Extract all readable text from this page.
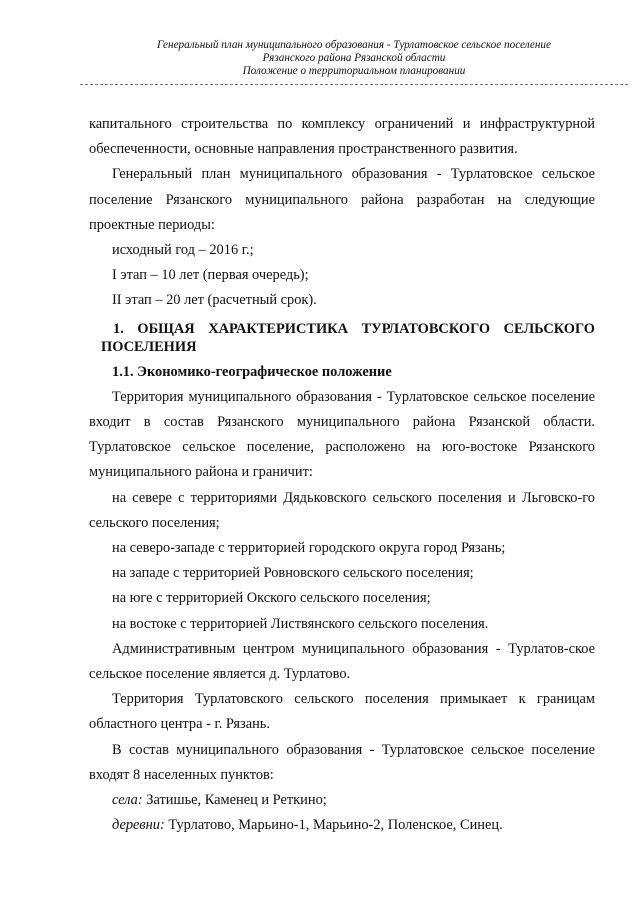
Генеральный план муниципального образования - Турлатовское сельское поселение
Рязанского района Рязанской области
Положение о территориальном планировании

капитального строительства по комплексу ограничений и инфраструктурной обеспеченности, основные направления пространственного развития.

Генеральный план муниципального образования - Турлатовское сельское поселение Рязанского муниципального района разработан на следующие проектные периоды:

исходный год – 2016 г.;

I этап – 10 лет (первая очередь);

II этап – 20 лет (расчетный срок).

1. ОБЩАЯ ХАРАКТЕРИСТИКА ТУРЛАТОВСКОГО СЕЛЬСКОГО ПОСЕЛЕНИЯ
1.1. Экономико-географическое положение

Территория муниципального образования - Турлатовское сельское поселение входит в состав Рязанского муниципального района Рязанской области. Турлатовское сельское поселение, расположено на юго-востоке Рязанского муниципального района и граничит:

на севере с территориями Дядьковского сельского поселения и Льговско-го сельского поселения;

на северо-западе с территорией городского округа город Рязань;

на западе с территорией Ровновского сельского поселения;

на юге с территорией Окского сельского поселения;

на востоке с территорией Листвянского сельского поселения.

Административным центром муниципального образования - Турлатов-ское сельское поселение является д. Турлатово.

Территория Турлатовского сельского поселения примыкает к границам областного центра - г. Рязань.

В состав муниципального образования - Турлатовское сельское поселение входят 8 населенных пунктов:

села: Затишье, Каменец и Реткино;

деревни: Турлатово, Марьино-1, Марьино-2, Поленское, Синец.
